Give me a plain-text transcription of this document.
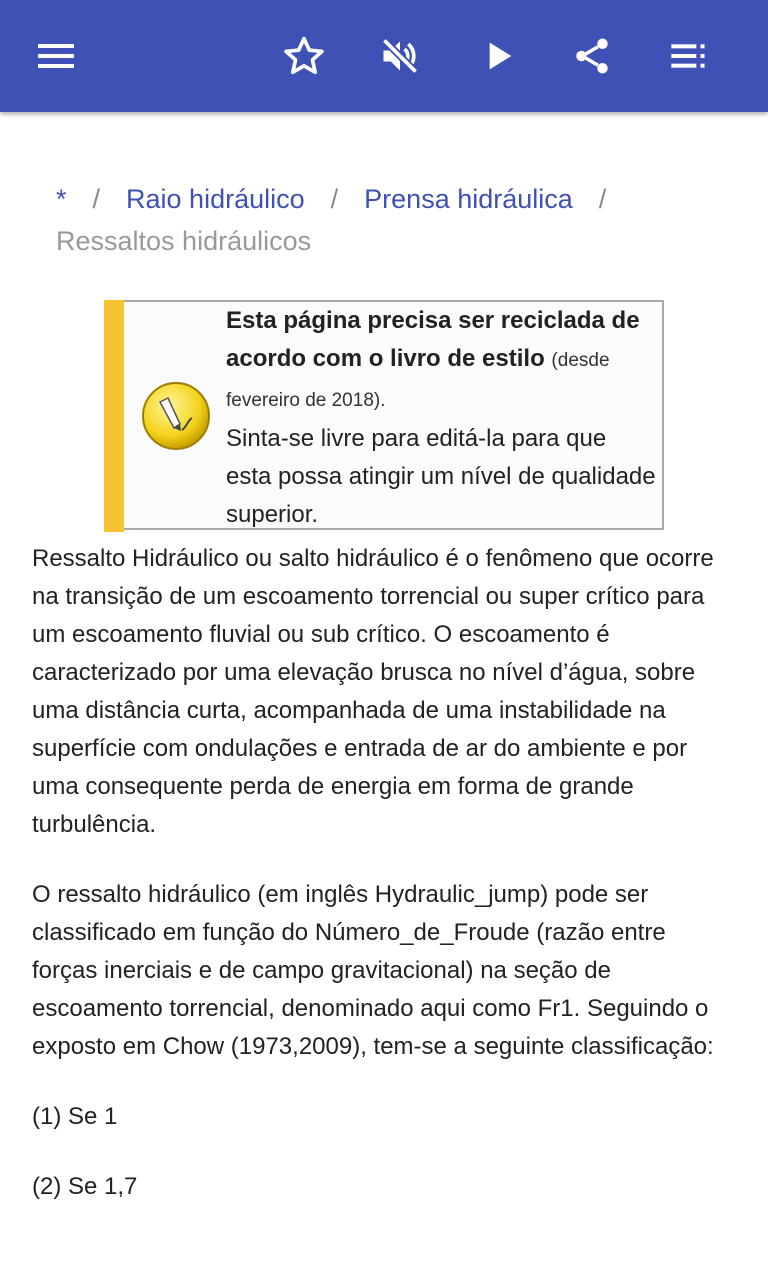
* / Raio hidráulico / Prensa hidráulica /
Ressaltos hidráulicos
Esta página precisa ser reciclada de acordo com o livro de estilo (desde fevereiro de 2018).
Sinta-se livre para editá-la para que esta possa atingir um nível de qualidade superior.

Ressalto Hidráulico ou salto hidráulico é o fenômeno que ocorre na transição de um escoamento torrencial ou super crítico para um escoamento fluvial ou sub crítico. O escoamento é caracterizado por uma elevação brusca no nível d’água, sobre uma distância curta, acompanhada de uma instabilidade na superfície com ondulações e entrada de ar do ambiente e por uma consequente perda de energia em forma de grande turbulência.

O ressalto hidráulico (em inglês Hydraulic_jump) pode ser classificado em função do Número_de_Froude (razão entre forças inerciais e de campo gravitacional) na seção de escoamento torrencial, denominado aqui como Fr1. Seguindo o exposto em Chow (1973,2009), tem-se a seguinte classificação:

(1) Se 1

(2) Se 1,7
